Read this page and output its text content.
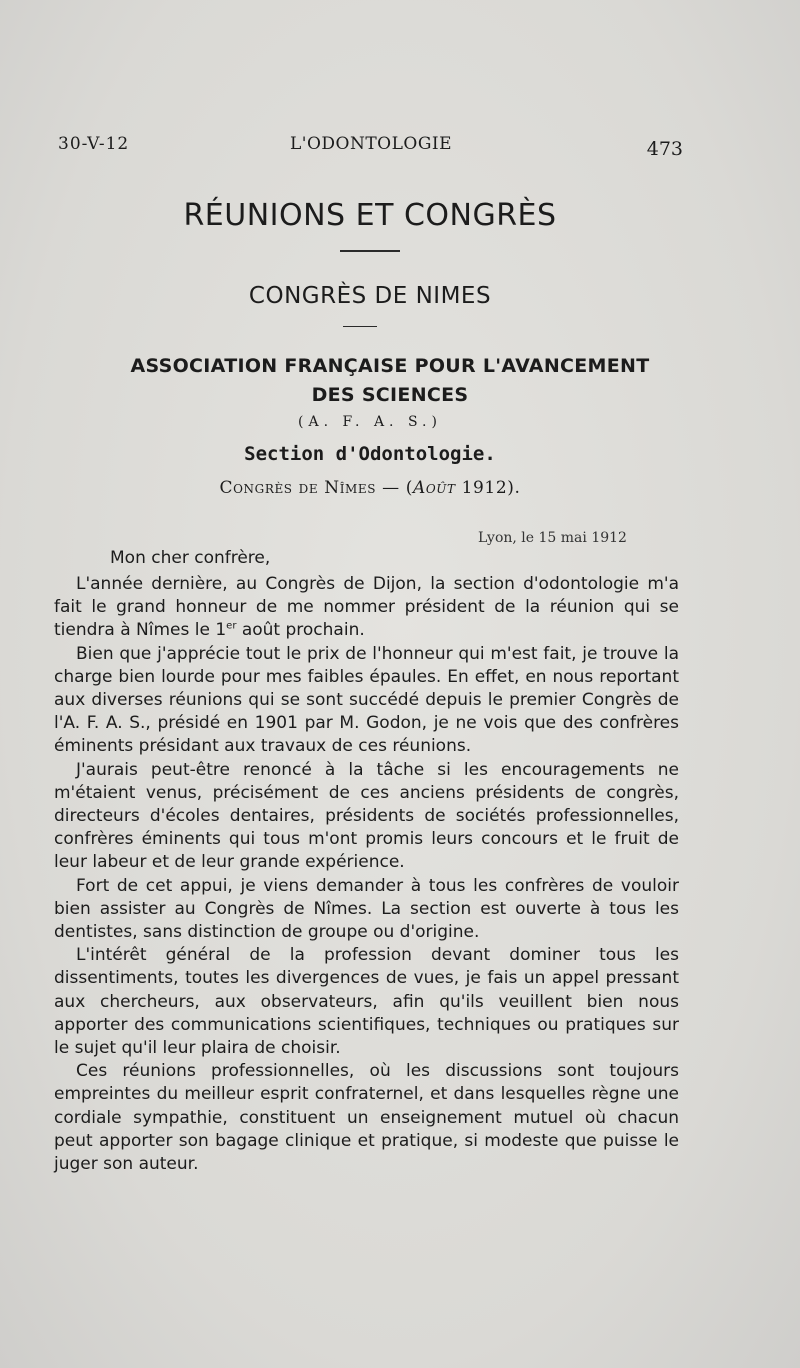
30-V-12	L'ODONTOLOGIE	473
RÉUNIONS ET CONGRÈS
CONGRÈS DE NIMES
ASSOCIATION FRANÇAISE POUR L'AVANCEMENT
DES SCIENCES
(A. F. A. S.)
Section d'Odontologie.
Congrès de Nîmes — (Août 1912).
Lyon, le 15 mai 1912
Mon cher confrère,

L'année dernière, au Congrès de Dijon, la section d'odontologie m'a fait le grand honneur de me nommer président de la réunion qui se tiendra à Nîmes le 1er août prochain.

Bien que j'apprécie tout le prix de l'honneur qui m'est fait, je trouve la charge bien lourde pour mes faibles épaules. En effet, en nous reportant aux diverses réunions qui se sont succédé depuis le premier Congrès de l'A. F. A. S., présidé en 1901 par M. Godon, je ne vois que des confrères éminents présidant aux travaux de ces réunions.

J'aurais peut-être renoncé à la tâche si les encouragements ne m'étaient venus, précisément de ces anciens présidents de congrès, directeurs d'écoles dentaires, présidents de sociétés professionnelles, confrères éminents qui tous m'ont promis leurs concours et le fruit de leur labeur et de leur grande expérience.

Fort de cet appui, je viens demander à tous les confrères de vouloir bien assister au Congrès de Nîmes. La section est ouverte à tous les dentistes, sans distinction de groupe ou d'origine.

L'intérêt général de la profession devant dominer tous les dissentiments, toutes les divergences de vues, je fais un appel pressant aux chercheurs, aux observateurs, afin qu'ils veuillent bien nous apporter des communications scientifiques, techniques ou pratiques sur le sujet qu'il leur plaira de choisir.

Ces réunions professionnelles, où les discussions sont toujours empreintes du meilleur esprit confraternel, et dans lesquelles règne une cordiale sympathie, constituent un enseignement mutuel où chacun peut apporter son bagage clinique et pratique, si modeste que puisse le juger son auteur.
